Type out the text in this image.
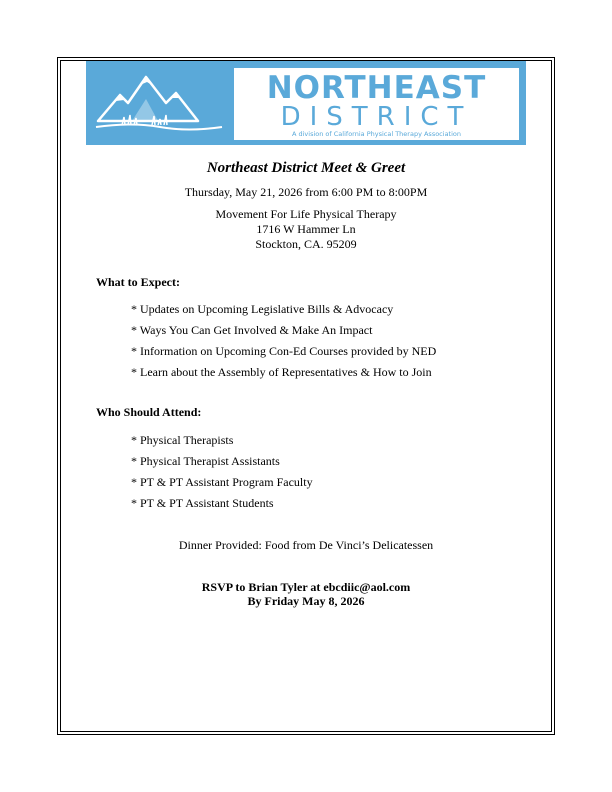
NORTHEAST
DISTRICT
A division of California Physical Therapy Association
Northeast District Meet & Greet
Thursday, May 21, 2026 from 6:00 PM to 8:00PM
Movement For Life Physical Therapy
1716 W Hammer Ln
Stockton, CA. 95209
What to Expect:
* Updates on Upcoming Legislative Bills & Advocacy
* Ways You Can Get Involved & Make An Impact
* Information on Upcoming Con-Ed Courses provided by NED
* Learn about the Assembly of Representatives & How to Join
Who Should Attend:
* Physical Therapists
* Physical Therapist Assistants
* PT & PT Assistant Program Faculty
* PT & PT Assistant Students
Dinner Provided: Food from De Vinci’s Delicatessen
RSVP to Brian Tyler at ebcdiic@aol.com
By Friday May 8, 2026
